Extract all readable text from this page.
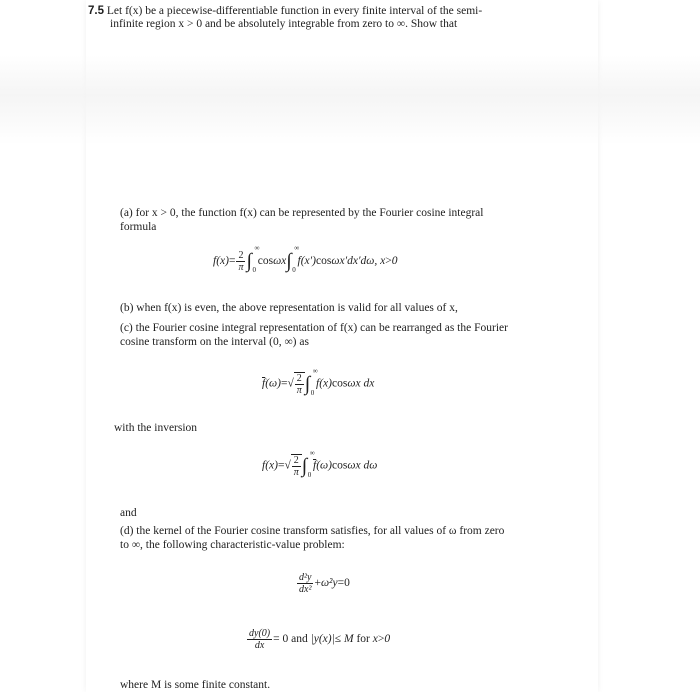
7.5 Let f(x) be a piecewise-differentiable function in every finite interval of the semi-
infinite region x > 0 and be absolutely integrable from zero to ∞. Show that
(a) for x > 0, the function f(x) can be represented by the Fourier cosine integral
formula
$f(x)= \frac{2}{\pi}$ ∫
∞
0
cosωx∫
∞
0
f(x′)cosωx′dx′dω, x>0
(b) when f(x) is even, the above representation is valid for all values of x,
(c) the Fourier cosine integral representation of f(x) can be rearranged as the Fourier
cosine transform on the interval (0, ∞) as
$\overline{f}(\omega)=√ \frac{2}{\pi}$ ∫
∞
0
f(x)cosωx dx
with the inversion
$f(x)=√ \frac{2}{\pi}$ ∫
∞
0
$\overline{f}(\omega)\cos\omega x$ dω
and
(d) the kernel of the Fourier cosine transform satisfies, for all values of ω from zero
to ∞, the following characteristic-value problem:
$\frac{\text{d²y}}{\text{dx²}} +\omega^2y=0$
$\frac{dy(0)}{dx} = 0$ and |y(x)|≤ M for x>0
where M is some finite constant.
